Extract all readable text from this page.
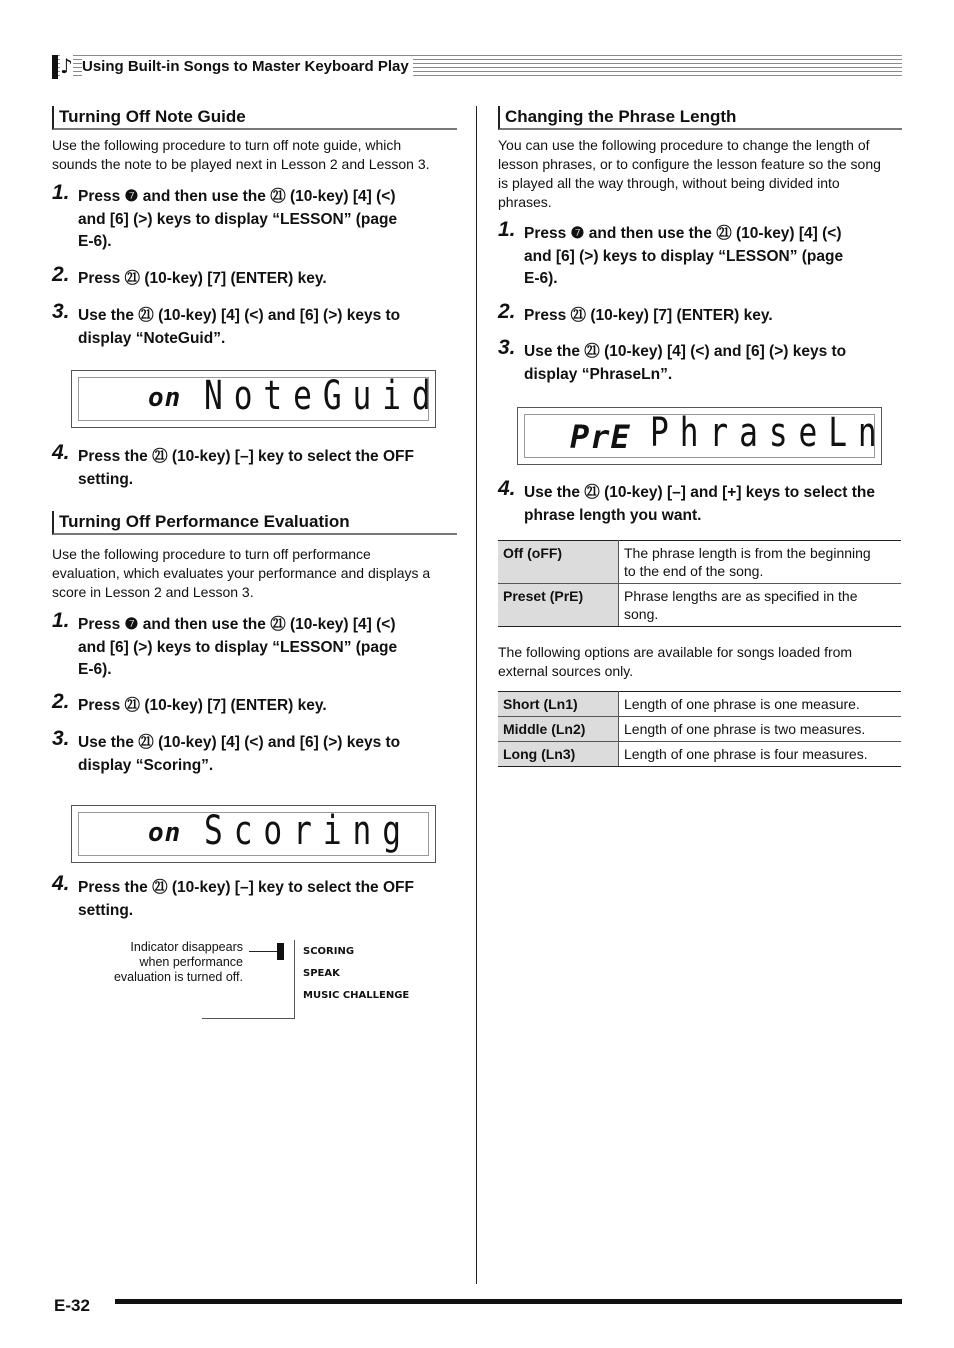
♪ Using Built-in Songs to Master Keyboard Play
Turning Off Note Guide
Use the following procedure to turn off note guide, which
sounds the note to be played next in Lesson 2 and Lesson 3.
1. Press ❼ and then use the ㉑ (10-key) [4] (<)
and [6] (>) keys to display “LESSON” (page
E-6).
2. Press ㉑ (10-key) [7] (ENTER) key.
3. Use the ㉑ (10-key) [4] (<) and [6] (>) keys to
display “NoteGuid”.
on NoteGuid
4. Press the ㉑ (10-key) [–] key to select the OFF
setting.
Turning Off Performance Evaluation
Use the following procedure to turn off performance
evaluation, which evaluates your performance and displays a
score in Lesson 2 and Lesson 3.
1. Press ❼ and then use the ㉑ (10-key) [4] (<)
and [6] (>) keys to display “LESSON” (page
E-6).
2. Press ㉑ (10-key) [7] (ENTER) key.
3. Use the ㉑ (10-key) [4] (<) and [6] (>) keys to
display “Scoring”.
on Scoring
4. Press the ㉑ (10-key) [–] key to select the OFF
setting.
Indicator disappears
when performance
evaluation is turned off.
SCORING
SPEAK
MUSIC CHALLENGE
Changing the Phrase Length
You can use the following procedure to change the length of
lesson phrases, or to configure the lesson feature so the song
is played all the way through, without being divided into
phrases.
1. Press ❼ and then use the ㉑ (10-key) [4] (<)
and [6] (>) keys to display “LESSON” (page
E-6).
2. Press ㉑ (10-key) [7] (ENTER) key.
3. Use the ㉑ (10-key) [4] (<) and [6] (>) keys to
display “PhraseLn”.
PrE PhraseLn
4. Use the ㉑ (10-key) [–] and [+] keys to select the
phrase length you want.
Off (oFF)	The phrase length is from the beginning
to the end of the song.

Preset (PrE)	Phrase lengths are as specified in the
song.
The following options are available for songs loaded from
external sources only.
Short (Ln1)	Length of one phrase is one measure.
Middle (Ln2)	Length of one phrase is two measures.
Long (Ln3)	Length of one phrase is four measures.
E-32
